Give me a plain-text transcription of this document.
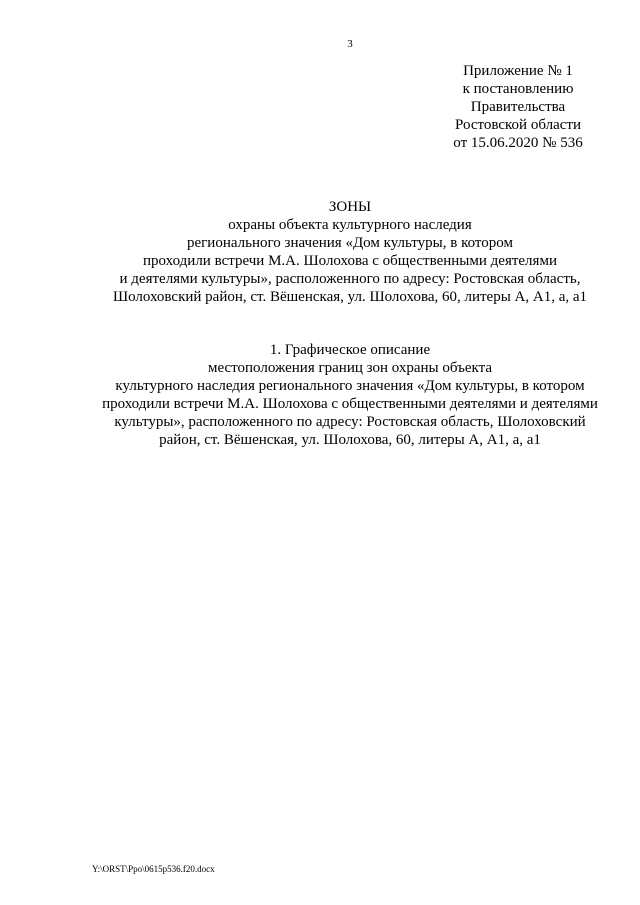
3
Приложение № 1
к постановлению
Правительства
Ростовской области
от 15.06.2020 № 536
ЗОНЫ
охраны объекта культурного наследия
регионального значения «Дом культуры, в котором
проходили встречи М.А. Шолохова с общественными деятелями
и деятелями культуры», расположенного по адресу: Ростовская область,
Шолоховский район, ст. Вёшенская, ул. Шолохова, 60, литеры А, А1, а, а1
1. Графическое описание
местоположения границ зон охраны объекта
культурного наследия регионального значения «Дом культуры, в котором
проходили встречи М.А. Шолохова с общественными деятелями и деятелями
культуры», расположенного по адресу: Ростовская область, Шолоховский
район, ст. Вёшенская, ул. Шолохова, 60, литеры А, А1, а, а1
Y:\ORST\Ppo\0615p536.f20.docx
